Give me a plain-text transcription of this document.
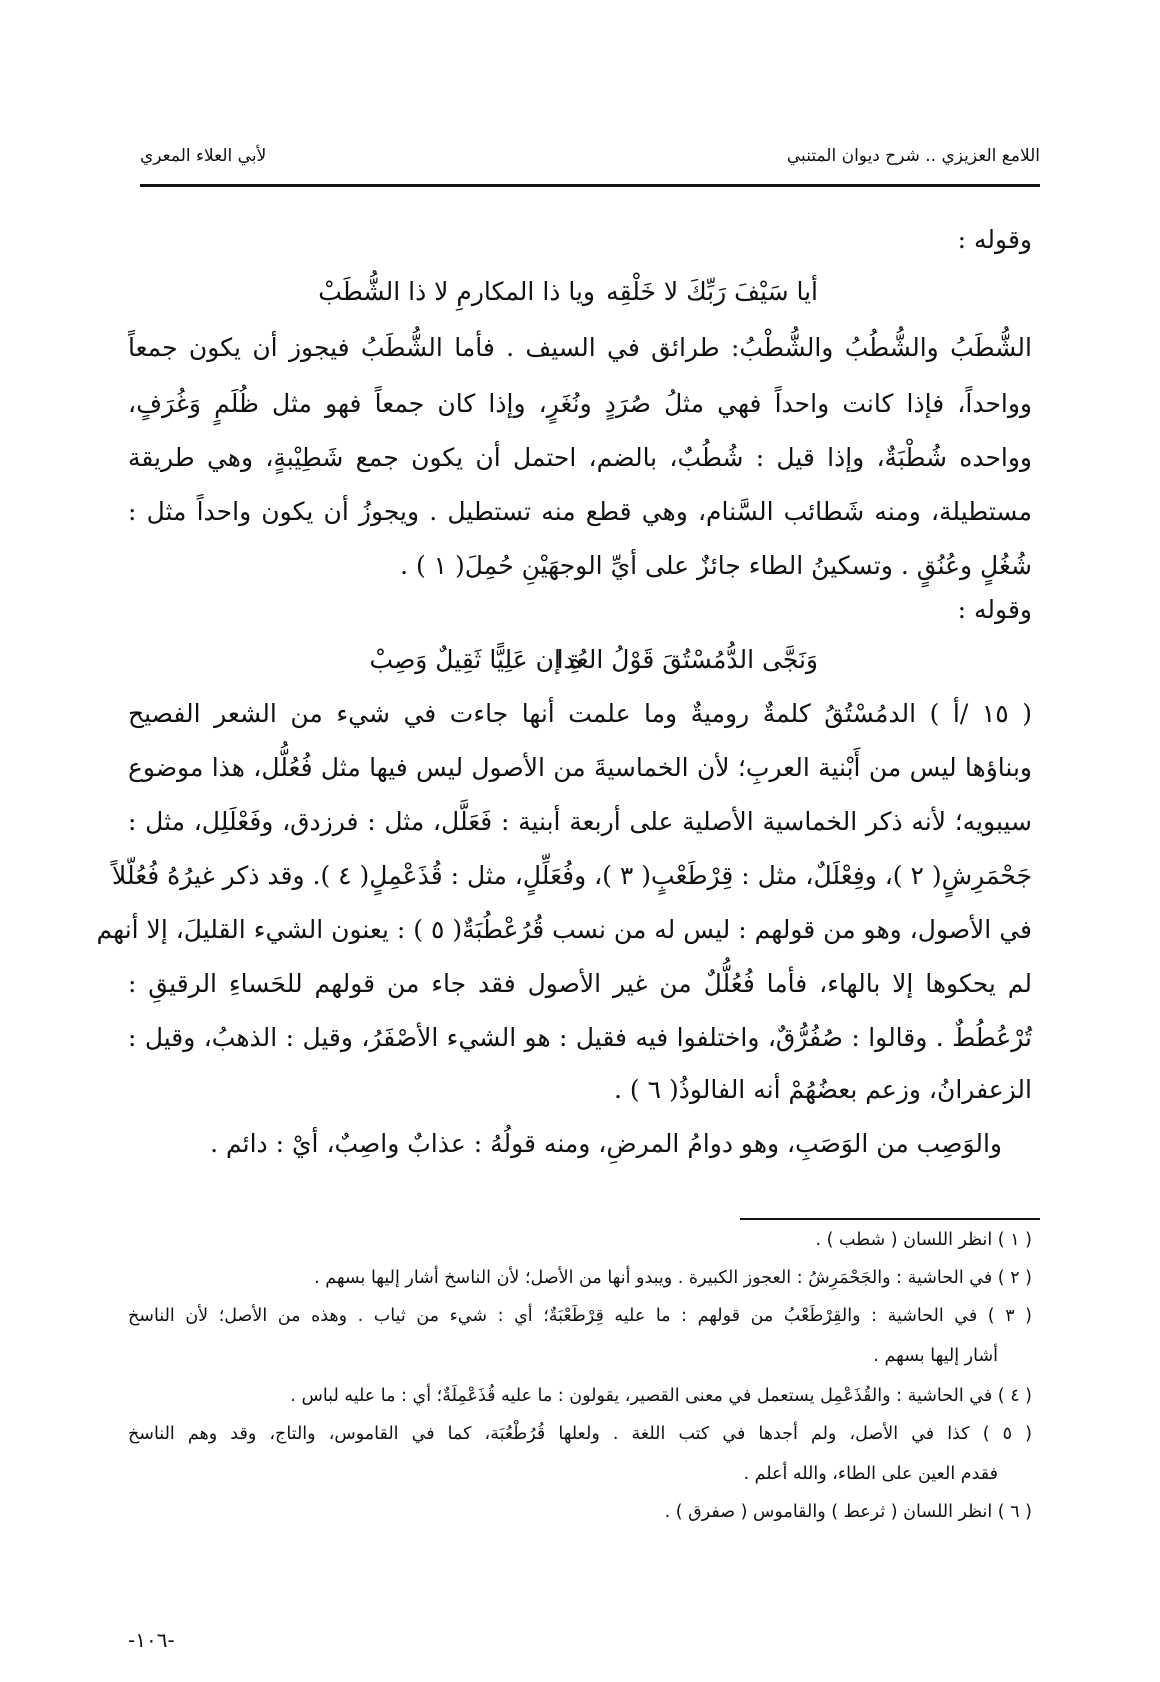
اللامع العزيزي .. شرح ديوان المتنبي
لأبي العلاء المعري
وقوله :
أيا سَيْفَ رَبِّكَ لا خَلْقِه
ويا ذا المكارمِ لا ذا الشُّطَبْ
الشُّطَبُ والشُّطُبُ والشُّطْبُ: طرائق في السيف . فأما الشُّطَبُ فيجوز أن يكون جمعاً
وواحداً، فإذا كانت واحداً فهي مثلُ صُرَدٍ ونُغَرٍ، وإذا كان جمعاً فهو مثل ظُلَمٍ وَغُرَفٍ،
وواحده شُطْبَةٌ، وإذا قيل : شُطُبٌ، بالضم، احتمل أن يكون جمع شَطِيْبةٍ، وهي طريقة
مستطيلة، ومنه شَطائب السَّنام، وهي قطع منه تستطيل . ويجوزُ أن يكون واحداً مثل :
شُغُلٍ وعُنُقٍ . وتسكينُ الطاء جائزٌ على أيِّ الوجهَيْنِ حُمِلَ( ١ ) .
وقوله :
وَنَجَّى الدُّمُسْتُقَ قَوْلُ العُدا
ةِ إن عَلِيًّا ثَقِيلٌ وَصِبْ
( ١٥ /أ ) الدمُسْتُقُ كلمةٌ روميةٌ وما علمت أنها جاءت في شيء من الشعر الفصيح
وبناؤها ليس من أَبْنية العربِ؛ لأن الخماسيةَ من الأصول ليس فيها مثل فُعُلُّل، هذا موضوع
سيبويه؛ لأنه ذكر الخماسية الأصلية على أربعة أبنية : فَعَلَّل، مثل : فرزدق، وفَعْلَلِل، مثل :
جَحْمَرِشٍ( ٢ )، وفِعْلَلٌ، مثل : قِرْطَعْبٍ( ٣ )، وفُعَلِّلٍ، مثل : قُذَعْمِلٍ( ٤ ). وقد ذكر غيرُهُ فُعُلّلاً
في الأصول، وهو من قولهم : ليس له من نسب قُرُعْطُبَةٌ( ٥ ) : يعنون الشيء القليلَ، إلا أنهم
لم يحكوها إلا بالهاء، فأما فُعُلُّلٌ من غير الأصول فقد جاء من قولهم للحَساءِ الرقيقِ :
تُرْعُطُطٌ . وقالوا : صُفُرُّقٌ، واختلفوا فيه فقيل : هو الشيء الأصْفَرُ، وقيل : الذهبُ، وقيل :
الزعفرانُ، وزعم بعضُهُمْ أنه الفالوذُ( ٦ ) .
والوَصِب من الوَصَبِ، وهو دوامُ المرضِ، ومنه قولُهُ : عذابٌ واصِبٌ، أيْ : دائم .
( ١ ) انظر اللسان ( شطب ) .
( ٢ ) في الحاشية : والجَحْمَرِشُ : العجوز الكبيرة . ويبدو أنها من الأصل؛ لأن الناسخ أشار إليها بسهم .
( ٣ ) في الحاشية : والقِرْطَعْبُ من قولهم : ما عليه قِرْطَعْبَةٌ؛ أي : شيء من ثياب . وهذه من الأصل؛ لأن الناسخ
أشار إليها بسهم .
( ٤ ) في الحاشية : والقُذَعْمِل يستعمل في معنى القصير، يقولون : ما عليه قُذَعْمِلَةٌ؛ أي : ما عليه لباس .
( ٥ ) كذا في الأصل، ولم أجدها في كتب اللغة . ولعلها قُرُطْعُبَة، كما في القاموس، والتاج، وقد وهم الناسخ
فقدم العين على الطاء، والله أعلم .
( ٦ ) انظر اللسان ( ثرعط ) والقاموس ( صفرق ) .
-١٠٦-
